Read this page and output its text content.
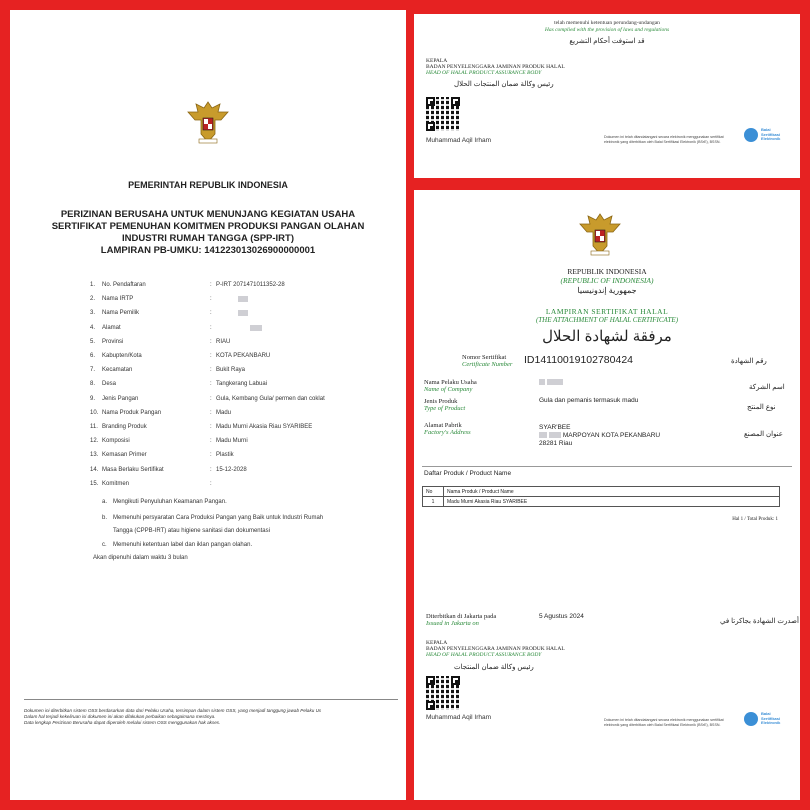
PEMERINTAH REPUBLIK INDONESIA
PERIZINAN BERUSAHA UNTUK MENUNJANG KEGIATAN USAHA
SERTIFIKAT PEMENUHAN KOMITMEN PRODUKSI PANGAN OLAHAN
INDUSTRI RUMAH TANGGA (SPP-IRT)
LAMPIRAN PB-UMKU: 141223013026900000001
1. No. Pendaftaran	: P-IRT 2071471011352-28
2. Nama IRTP	:
3. Nama Pemilik	:
4. Alamat	:
5. Provinsi	: RIAU
6. Kabupten/Kota	: KOTA PEKANBARU
7. Kecamatan	: Bukit Raya
8. Desa	: Tangkerang Labuai
9. Jenis Pangan	: Gula, Kembang Gula/ permen dan coklat
10. Nama Produk Pangan	: Madu
11. Branding Produk	: Madu Murni Akasia Riau SYARIBEE
12. Komposisi	: Madu Murni
13. Kemasan Primer	: Plastik
14. Masa Berlaku Sertifikat	: 15-12-2028
15. Komitmen	:
a. Mengikuti Penyuluhan Keamanan Pangan.
b. Memenuhi persyaratan Cara Produksi Pangan yang Baik untuk Industri Rumah
Tangga (CPPB-IRT) atau higiene sanitasi dan dokumentasi
c. Memenuhi ketentuan label dan iklan pangan olahan.
Akan dipenuhi dalam waktu 3 bulan
Dokumen ini diterbitkan sistem OSS berdasarkan data dari Pelaku Usaha, tersimpan dalam sistem OSS, yang menjadi tanggung jawab Pelaku Us
Dalam hal terjadi kekeliruan isi dokumen ini akan dilakukan perbaikan sebagaimana mestinya.
Data lengkap Perizinan Berusaha dapat diperoleh melalui sistem OSS menggunakan hak akses.
telah memenuhi ketentuan perundang-undangan
Has complied with the provision of laws and regulations
قد استوفت أحكام التشريع
KEPALA
BADAN PENYELENGGARA JAMINAN PRODUK HALAL
HEAD OF HALAL PRODUCT ASSURANCE BODY
رئيس وكالة ضمان المنتجات الحلال
Muhammad Aqil Irham	Dokumen ini telah ditandatangani secara elektronik menggunakan sertifikat elektronik yang diterbitkan oleh Balai Sertifikasi Elektronik (BSrE), BSSN.
Balai
Sertifikasi
Elektronik
REPUBLIK INDONESIA
(REPUBLIC OF INDONESIA)
جمهورية إندونيسيا
LAMPIRAN SERTIFIKAT HALAL
(THE ATTACHMENT OF HALAL CERTIFICATE)
مرفقة لشهادة الحلال
Nomor Sertifikat
Certificate Number ID14110019102780424	رقم الشهادة
Nama Pelaku Usaha
Name of Company
	اسم الشركة
Jenis Produk
Type of Product
Gula dan pemanis termasuk madu
نوع المنتج
Alamat Pabrik
Factory's Address
SYAR'BEE
MARPOYAN KOTA PEKANBARU
28281 Riau
عنوان المصنع
Daftar Produk / Product Name
No	Nama Produk / Product Name
1	Madu Murni Akasia Riau SYARIBEE
Hal 1 / Total Produk: 1
Diterbitkan di Jakarta pada
Issued in Jakarta on
5 Agustus 2024
أصدرت الشهادة بجاكرتا في
KEPALA
BADAN PENYELENGGARA JAMINAN PRODUK HALAL
HEAD OF HALAL PRODUCT ASSURANCE BODY
رئيس وكالة ضمان المنتجات
Muhammad Aqil Irham	Dokumen ini telah ditandatangani secara elektronik menggunakan sertifikat elektronik yang diterbitkan oleh Balai Sertifikasi Elektronik (BSrE), BSSN.
Balai
Sertifikasi
Elektronik
